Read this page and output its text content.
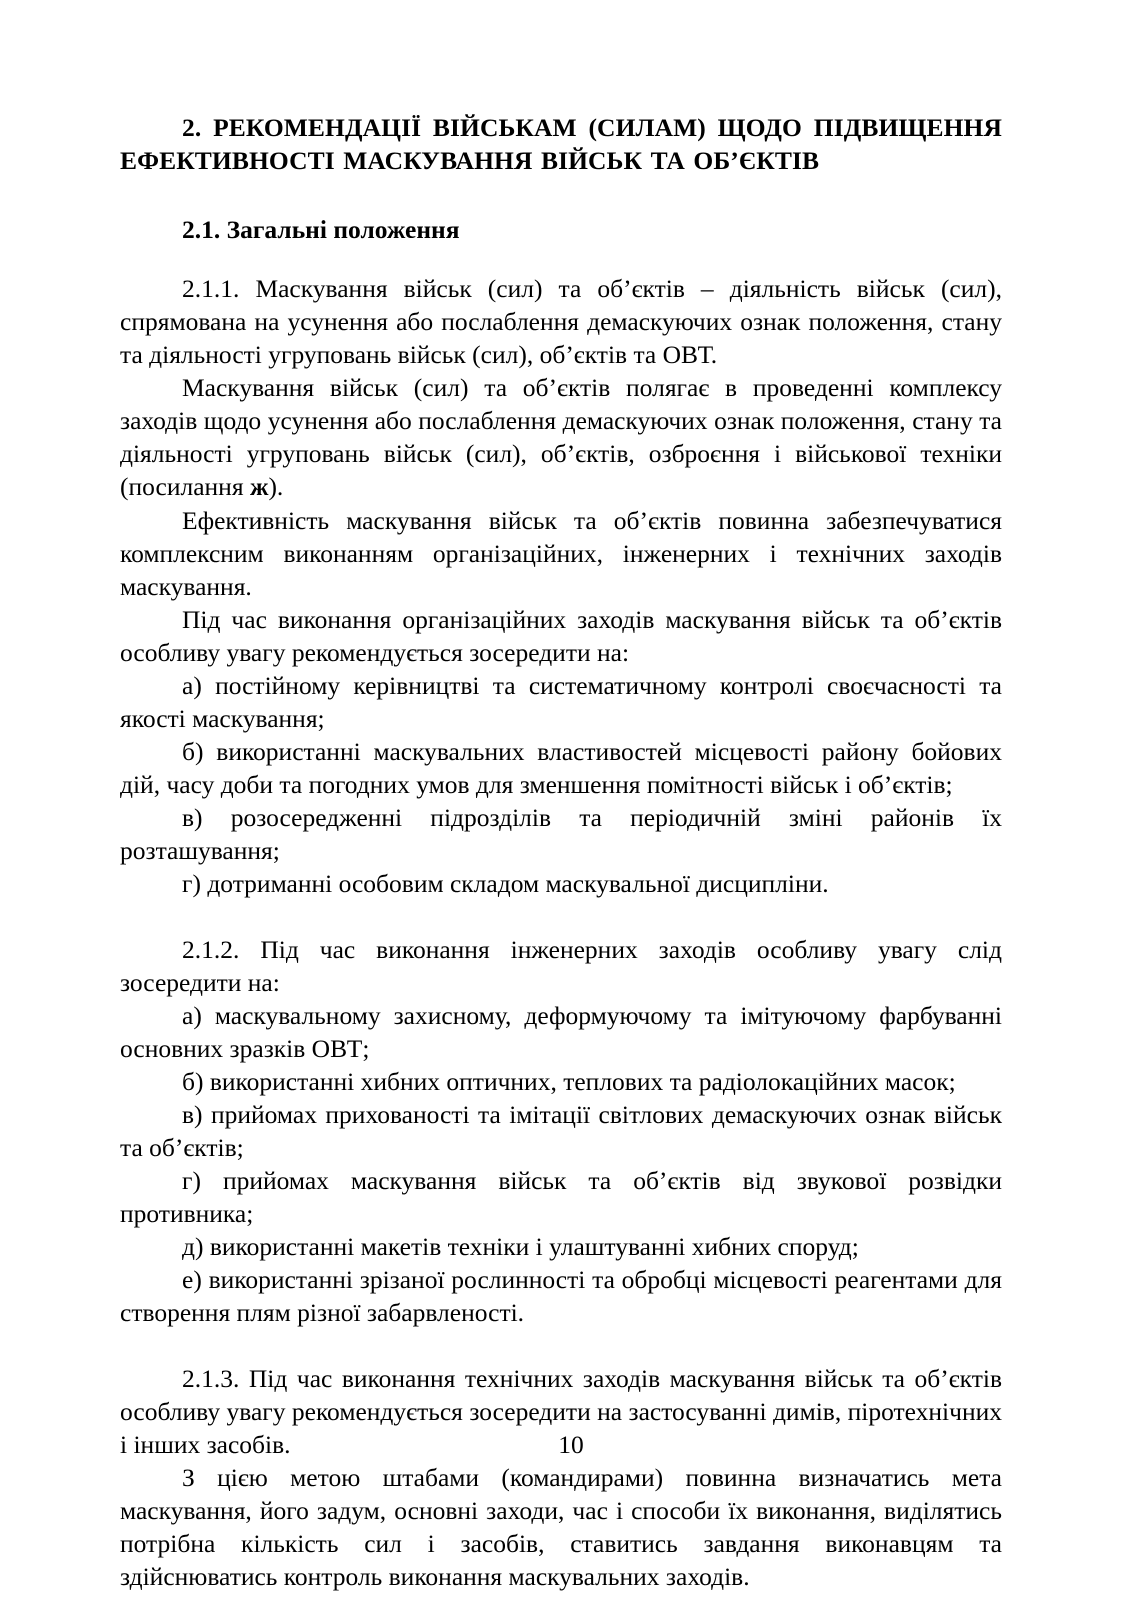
2. РЕКОМЕНДАЦІЇ ВІЙСЬКАМ (СИЛАМ) ЩОДО ПІДВИЩЕННЯ ЕФЕКТИВНОСТІ МАСКУВАННЯ ВІЙСЬК ТА ОБ’ЄКТІВ
2.1. Загальні положення

2.1.1. Маскування військ (сил) та об’єктів – діяльність військ (сил), спрямована на усунення або послаблення демаскуючих ознак положення, стану та діяльності угруповань військ (сил), об’єктів та ОВТ.

Маскування військ (сил) та об’єктів полягає в проведенні комплексу заходів щодо усунення або послаблення демаскуючих ознак положення, стану та діяльності угруповань військ (сил), об’єктів, озброєння і військової техніки (посилання ж).

Ефективність маскування військ та об’єктів повинна забезпечуватися комплексним виконанням організаційних, інженерних і технічних заходів маскування.

Під час виконання організаційних заходів маскування військ та об’єктів особливу увагу рекомендується зосередити на:

а) постійному керівництві та систематичному контролі своєчасності та якості маскування;

б) використанні маскувальних властивостей місцевості району бойових дій, часу доби та погодних умов для зменшення помітності військ і об’єктів;

в) розосередженні підрозділів та періодичній зміні районів їх розташування;

г) дотриманні особовим складом маскувальної дисципліни.

2.1.2. Під час виконання інженерних заходів особливу увагу слід зосередити на:

а) маскувальному захисному, деформуючому та імітуючому фарбуванні основних зразків ОВТ;

б) використанні хибних оптичних, теплових та радіолокаційних масок;

в) прийомах прихованості та імітації світлових демаскуючих ознак військ та об’єктів;

г) прийомах маскування військ та об’єктів від звукової розвідки противника;

д) використанні макетів техніки і улаштуванні хибних споруд;

е) використанні зрізаної рослинності та обробці місцевості реагентами для створення плям різної забарвленості.

2.1.3. Під час виконання технічних заходів маскування військ та об’єктів особливу увагу рекомендується зосередити на застосуванні димів, піротехнічних і інших засобів.

З цією метою штабами (командирами) повинна визначатись мета маскування, його задум, основні заходи, час і способи їх виконання, виділятись потрібна кількість сил і засобів, ставитись завдання виконавцям та здійснюватись контроль виконання маскувальних заходів.

10
